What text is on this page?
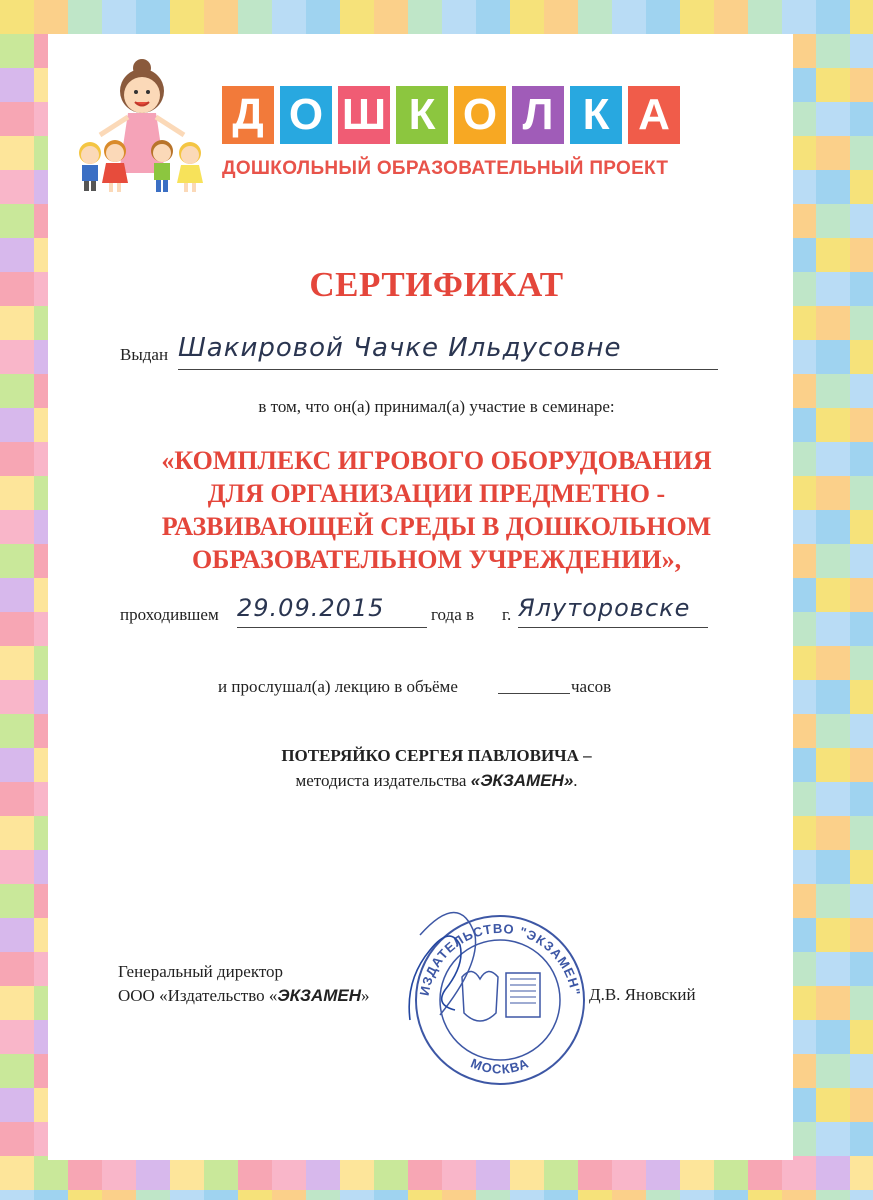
Д О Ш К О Л К А
ДОШКОЛЬНЫЙ ОБРАЗОВАТЕЛЬНЫЙ ПРОЕКТ
СЕРТИФИКАТ
Выдан Шакировой Чачке Ильдусовне
в том, что он(а) принимал(а) участие в семинаре:
«КОМПЛЕКС ИГРОВОГО ОБОРУДОВАНИЯ
ДЛЯ ОРГАНИЗАЦИИ ПРЕДМЕТНО -
РАЗВИВАЮЩЕЙ СРЕДЫ В ДОШКОЛЬНОМ
ОБРАЗОВАТЕЛЬНОМ УЧРЕЖДЕНИИ»,
проходившем 29.09.2015	года в г. Ялуторовске
и прослушал(а) лекцию в объёме	часов
ПОТЕРЯЙКО СЕРГЕЯ ПАВЛОВИЧА –
методиста издательства «ЭКЗАМЕН».
ИЗДАТЕЛЬСТВО "ЭКЗАМЕН"
МОСКВА
Генеральный директор
ООО «Издательство «ЭКЗАМЕН»	Д.В. Яновский
